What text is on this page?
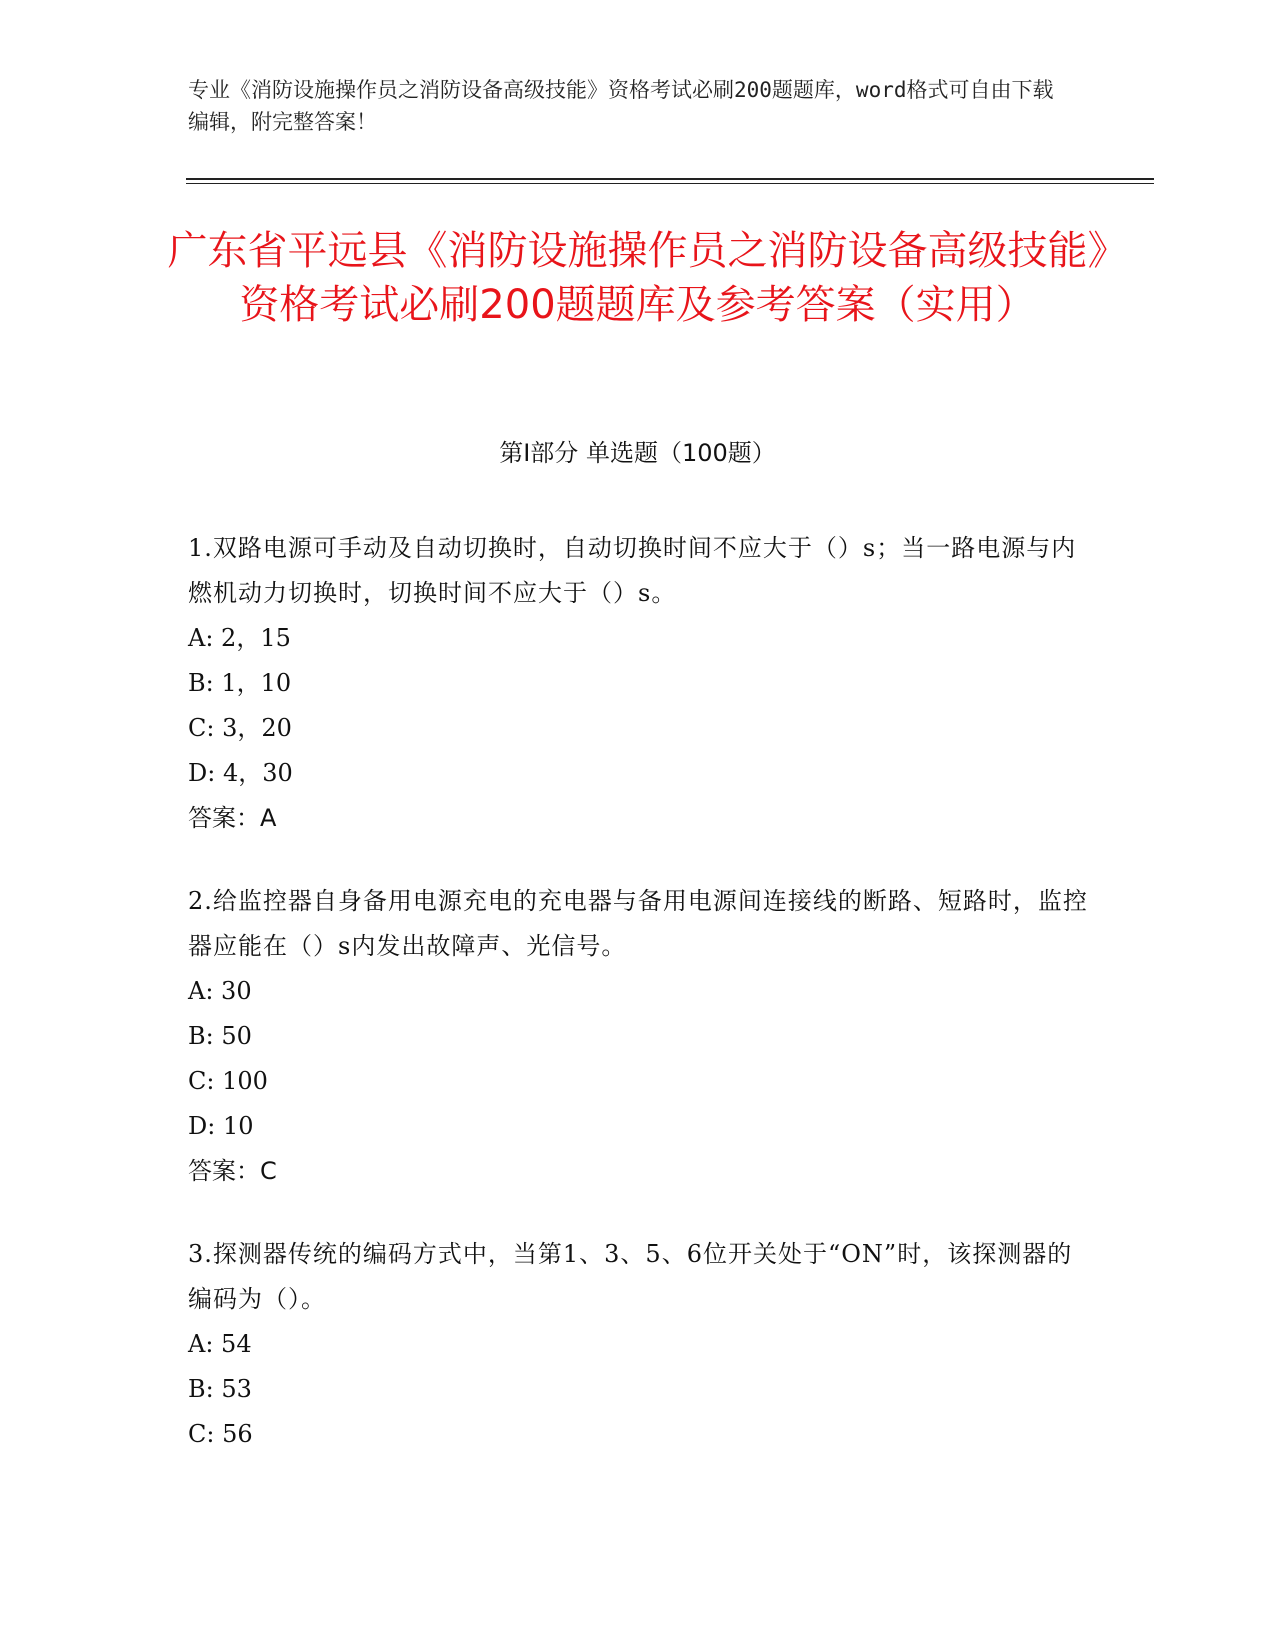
专业《消防设施操作员之消防设备高级技能》资格考试必刷200题题库，word格式可自由下载编辑，附完整答案！
广东省平远县《消防设施操作员之消防设备高级技能》资格考试必刷200题题库及参考答案（实用）
第Ⅰ部分 单选题（100题）
1.双路电源可手动及自动切换时，自动切换时间不应大于（）s；当一路电源与内燃机动力切换时，切换时间不应大于（）s。
A: 2，15
B: 1，10
C: 3，20
D: 4，30
答案：A
2.给监控器自身备用电源充电的充电器与备用电源间连接线的断路、短路时，监控器应能在（）s内发出故障声、光信号。
A: 30
B: 50
C: 100
D: 10
答案：C
3.探测器传统的编码方式中，当第1、3、5、6位开关处于“ON”时，该探测器的编码为（）。
A: 54
B: 53
C: 56
